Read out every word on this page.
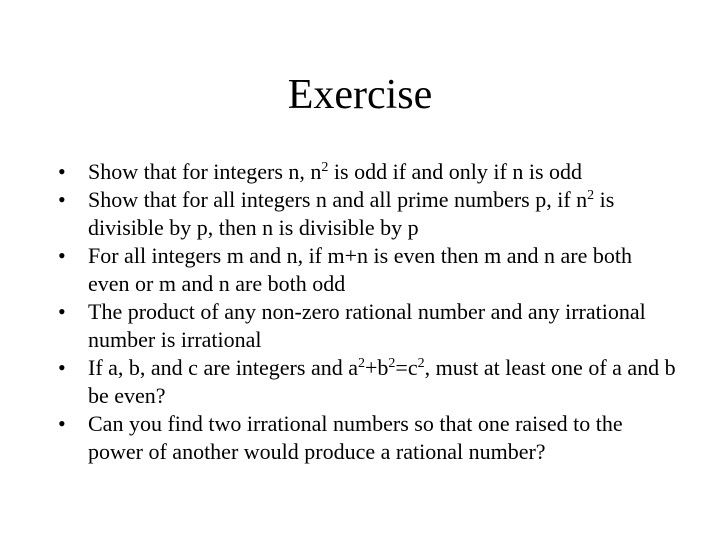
Exercise
•	Show that for integers n, $n^2$ is odd if and only if n is odd
•	Show that for all integers n and all prime numbers p, if $n^2$ is divisible by p, then n is divisible by p
•	For all integers m and n, if m+n is even then m and n are both even or m and n are both odd
•	The product of any non-zero rational number and any irrational number is irrational
•	If a, b, and c are integers and $a^2+b^2=c^2$, must at least one of a and b be even?
•	Can you find two irrational numbers so that one raised to the power of another would produce a rational number?
